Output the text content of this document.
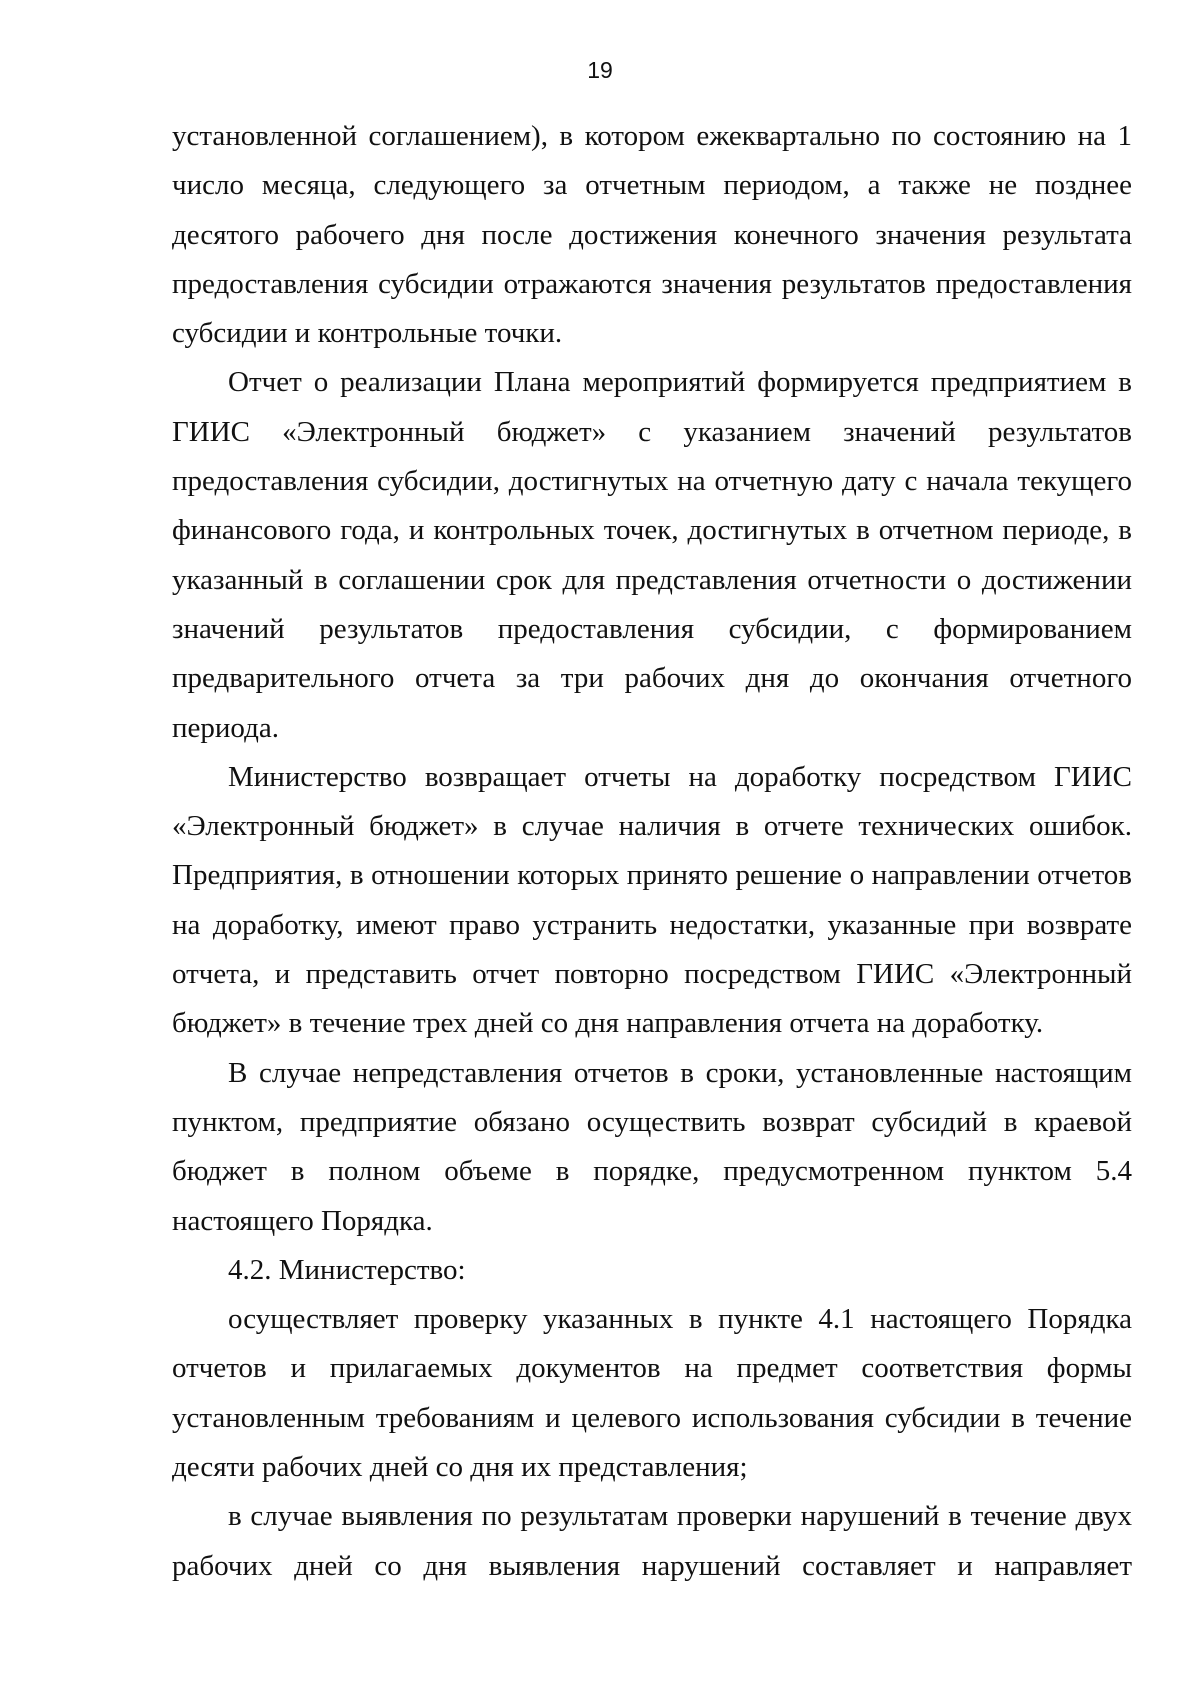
19

установленной соглашением), в котором ежеквартально по состоянию на 1 число месяца, следующего за отчетным периодом, а также не позднее десятого рабочего дня после достижения конечного значения результата предоставления субсидии отражаются значения результатов предоставления субсидии и контрольные точки.

Отчет о реализации Плана мероприятий формируется предприятием в ГИИС «Электронный бюджет» с указанием значений результатов предоставления субсидии, достигнутых на отчетную дату с начала текущего финансового года, и контрольных точек, достигнутых в отчетном периоде, в указанный в соглашении срок для представления отчетности о достижении значений результатов предоставления субсидии, с формированием предварительного отчета за три рабочих дня до окончания отчетного периода.

Министерство возвращает отчеты на доработку посредством ГИИС «Электронный бюджет» в случае наличия в отчете технических ошибок. Предприятия, в отношении которых принято решение о направлении отчетов на доработку, имеют право устранить недостатки, указанные при возврате отчета, и представить отчет повторно посредством ГИИС «Электронный бюджет» в течение трех дней со дня направления отчета на доработку.

В случае непредставления отчетов в сроки, установленные настоящим пунктом, предприятие обязано осуществить возврат субсидий в краевой бюджет в полном объеме в порядке, предусмотренном пунктом 5.4 настоящего Порядка.

4.2. Министерство:

осуществляет проверку указанных в пункте 4.1 настоящего Порядка отчетов и прилагаемых документов на предмет соответствия формы установленным требованиям и целевого использования субсидии в течение десяти рабочих дней со дня их представления;

в случае выявления по результатам проверки нарушений в течение двух рабочих дней со дня выявления нарушений составляет и направляет
